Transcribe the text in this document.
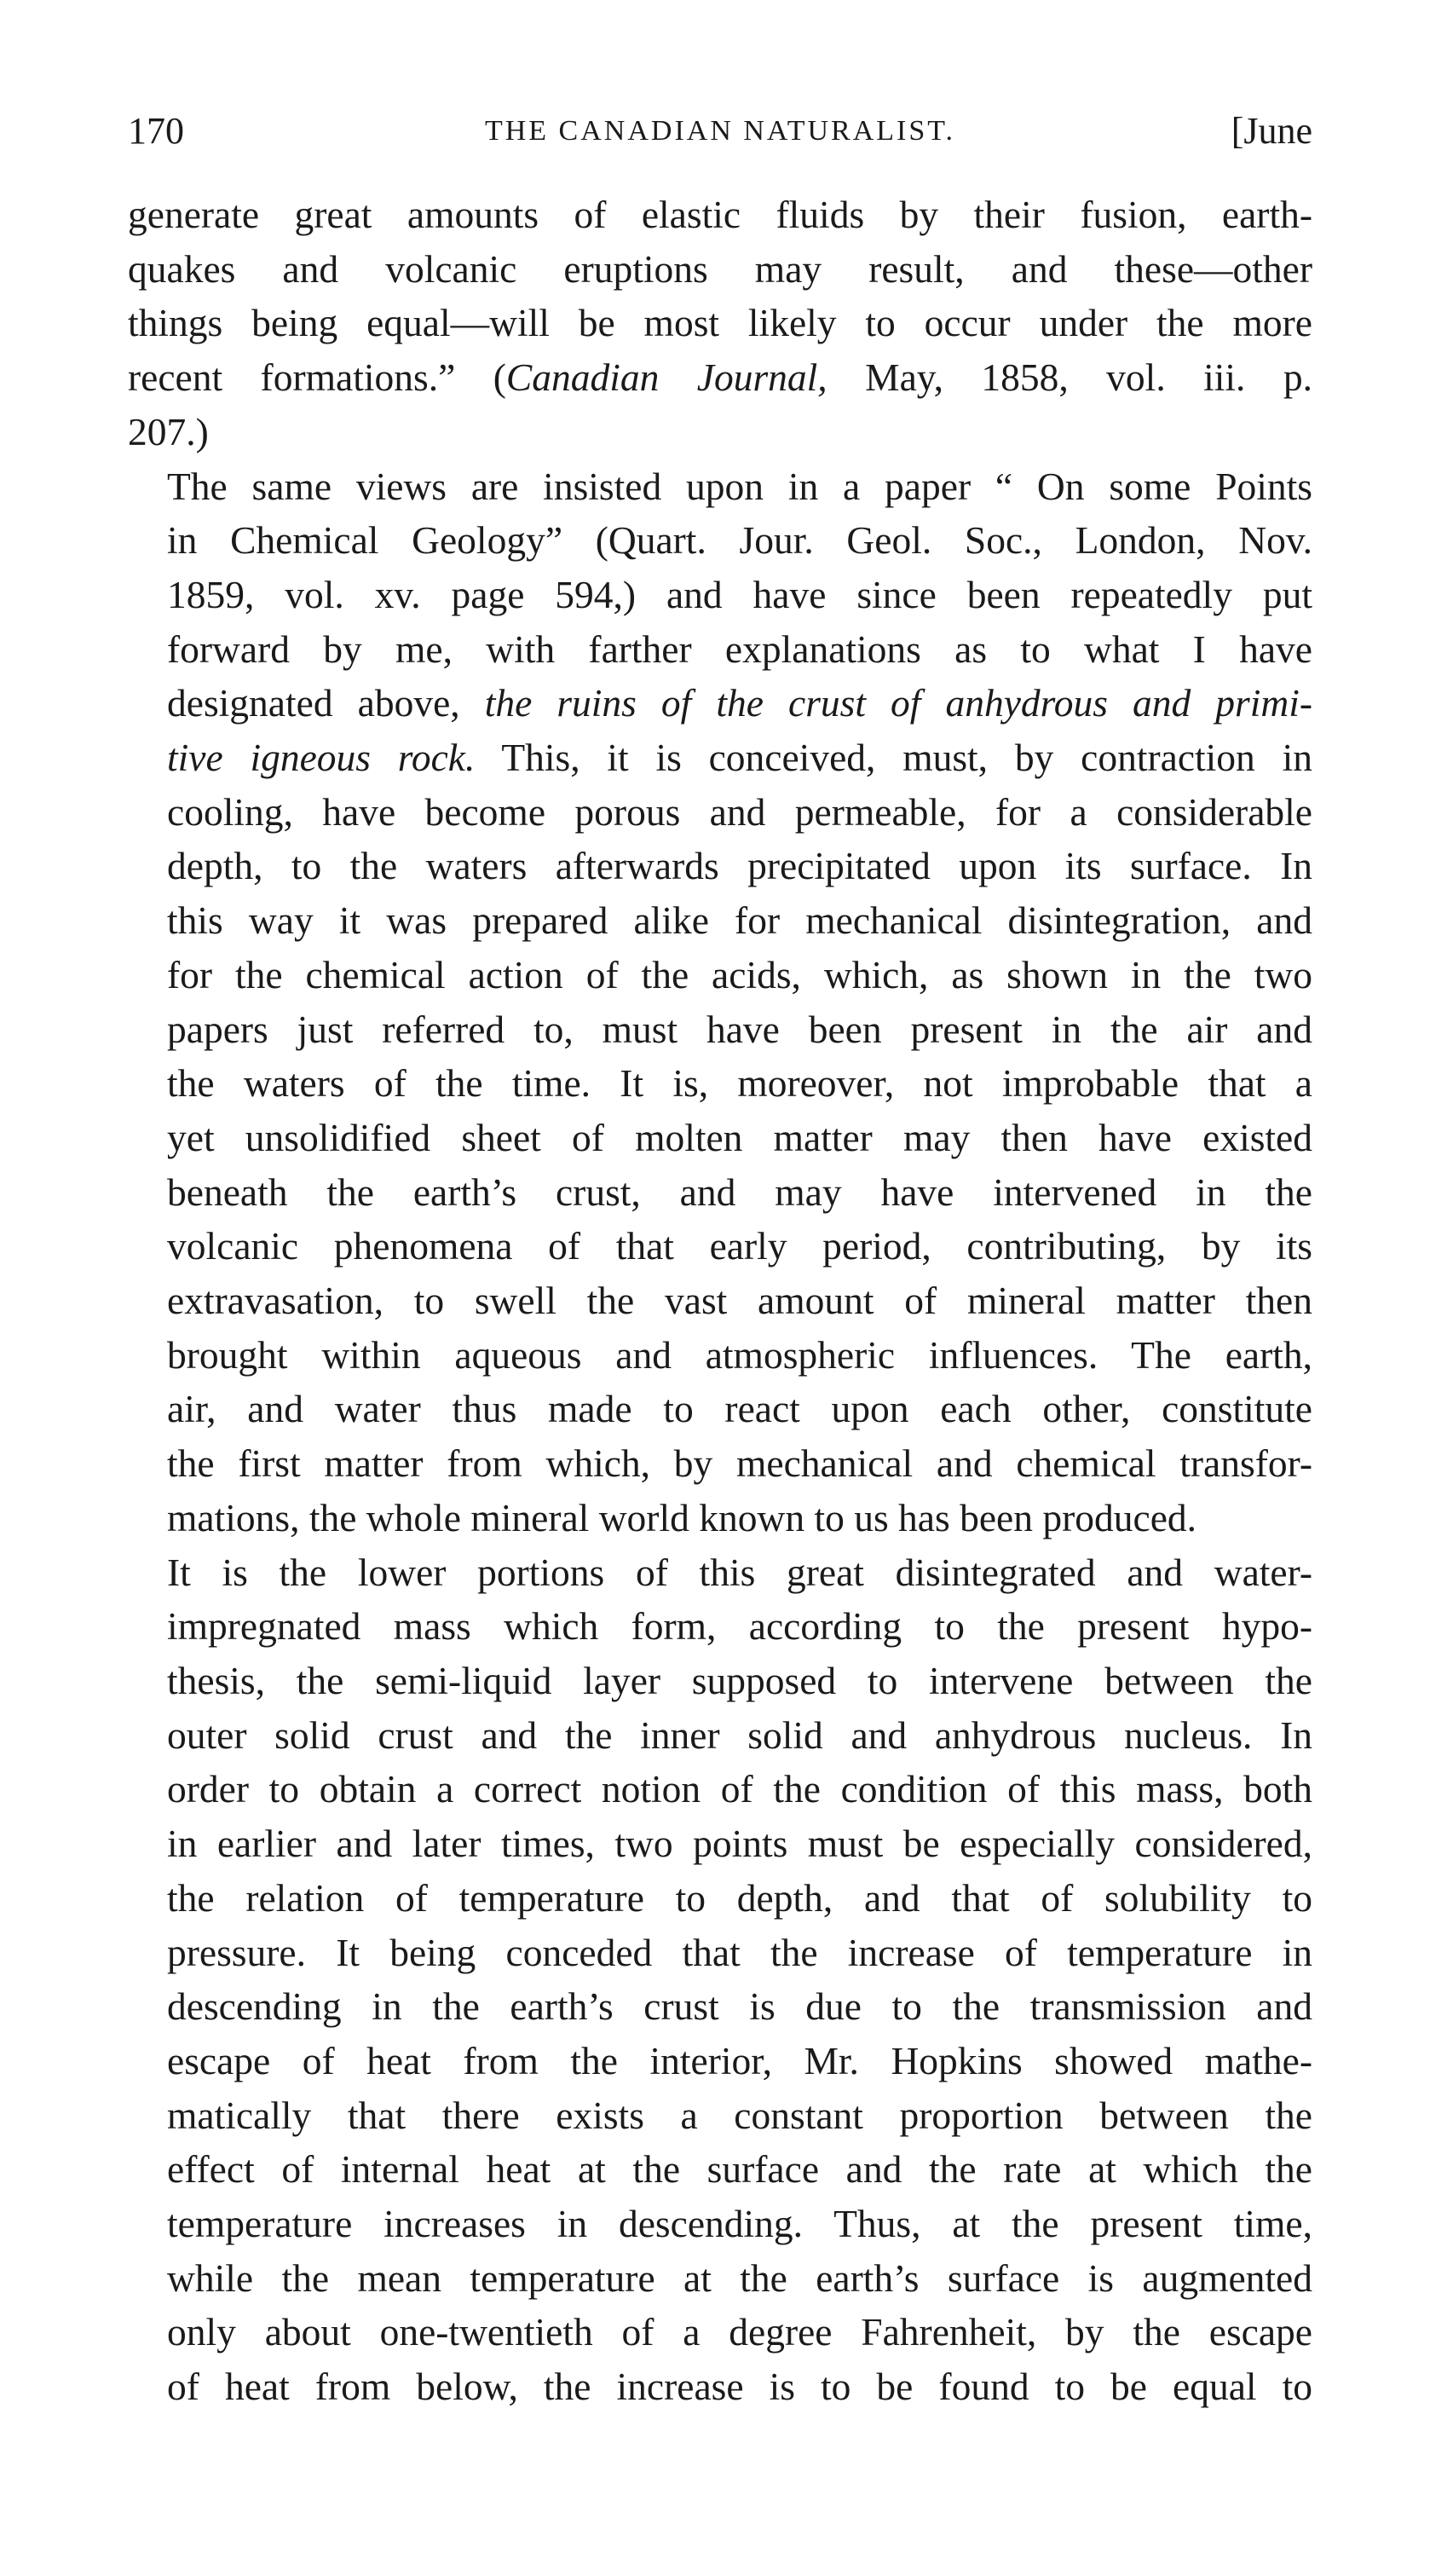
170	THE CANADIAN NATURALIST.	[June

generate great amounts of elastic fluids by their fusion, earth-
quakes and volcanic eruptions may result, and these—other
things being equal—will be most likely to occur under the more
recent formations.” (Canadian Journal, May, 1858, vol. iii. p.
207.)

The same views are insisted upon in a paper “ On some Points
in Chemical Geology” (Quart. Jour. Geol. Soc., London, Nov.
1859, vol. xv. page 594,) and have since been repeatedly put
forward by me, with farther explanations as to what I have
designated above, the ruins of the crust of anhydrous and primi-
tive igneous rock. This, it is conceived, must, by contraction in
cooling, have become porous and permeable, for a considerable
depth, to the waters afterwards precipitated upon its surface. In
this way it was prepared alike for mechanical disintegration, and
for the chemical action of the acids, which, as shown in the two
papers just referred to, must have been present in the air and
the waters of the time. It is, moreover, not improbable that a
yet unsolidified sheet of molten matter may then have existed
beneath the earth’s crust, and may have intervened in the
volcanic phenomena of that early period, contributing, by its
extravasation, to swell the vast amount of mineral matter then
brought within aqueous and atmospheric influences. The earth,
air, and water thus made to react upon each other, constitute
the first matter from which, by mechanical and chemical transfor-
mations, the whole mineral world known to us has been produced.

It is the lower portions of this great disintegrated and water-
impregnated mass which form, according to the present hypo-
thesis, the semi-liquid layer supposed to intervene between the
outer solid crust and the inner solid and anhydrous nucleus. In
order to obtain a correct notion of the condition of this mass, both
in earlier and later times, two points must be especially considered,
the relation of temperature to depth, and that of solubility to
pressure. It being conceded that the increase of temperature in
descending in the earth’s crust is due to the transmission and
escape of heat from the interior, Mr. Hopkins showed mathe-
matically that there exists a constant proportion between the
effect of internal heat at the surface and the rate at which the
temperature increases in descending. Thus, at the present time,
while the mean temperature at the earth’s surface is augmented
only about one-twentieth of a degree Fahrenheit, by the escape
of heat from below, the increase is to be found to be equal to
